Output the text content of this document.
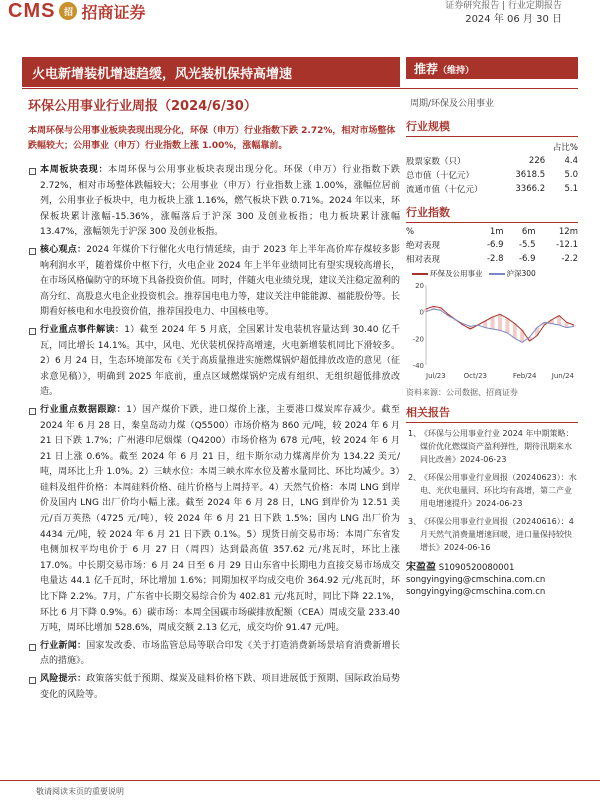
CMS 招 招商证券	证券研究报告 | 行业定期报告
2024 年 06 月 30 日
火电新增装机增速趋缓，风光装机保持高增速	推荐（维持）
环保公用事业行业周报（2024/6/30）	周期/环保及公用事业
本周环保与公用事业板块表现出现分化，环保（申万）行业指数下跌 2.72%，相对市场整体跌幅较大；公用事业（申万）行业指数上涨 1.00%，涨幅靠前。
本周板块表现：本周环保与公用事业板块表现出现分化。环保（申万）行业指数下跌 2.72%，相对市场整体跌幅较大；公用事业（申万）行业指数上涨 1.00%，涨幅位居前列，公用事业子板块中，电力板块上涨 1.16%，燃气板块下跌 0.71%。2024 年以来，环保板块累计涨幅-15.36%，涨幅落后于沪深 300 及创业板指；电力板块累计涨幅 13.47%，涨幅领先于沪深 300 及创业板指。
核心观点：2024 年煤价下行催化火电行情延续，由于 2023 年上半年高价库存煤较多影响利润水平，随着煤价中枢下行，火电企业 2024 年上半年业绩同比有望实现较高增长，在市场风格偏防守的环境下具备投资价值。同时，伴随火电业绩兑现，建议关注稳定盈利的高分红、高股息火电企业投资机会。推荐国电电力等，建议关注申能能源、福能股份等。长期看好核电和水电投资价值，推荐国投电力、中国核电等。
行业重点事件解读：1）截至 2024 年 5 月底，全国累计发电装机容量达到 30.40 亿千瓦，同比增长 14.1%。其中，风电、光伏装机保持高增速，火电新增装机同比下滑较多。2）6 月 24 日，生态环境部发布《关于高质量推进实施燃煤锅炉超低排放改造的意见（征求意见稿）》，明确到 2025 年底前，重点区域燃煤锅炉完成有组织、无组织超低排放改造。
行业重点数据跟踪：1）国产煤价下跌，进口煤价上涨，主要港口煤炭库存减少。截至 2024 年 6 月 28 日，秦皇岛动力煤（Q5500）市场价格为 860 元/吨，较 2024 年 6 月 21 日下跌 1.7%；广州港印尼烟煤（Q4200）市场价格为 678 元/吨，较 2024 年 6 月 21 日上涨 0.6%。截至 2024 年 6 月 21 日，纽卡斯尔动力煤离岸价为 134.22 美元/吨，周环比上升 1.0%。2）三峡水位：本周三峡水库水位及蓄水量同比、环比均减少。3）硅料及组件价格：本周硅料价格、硅片价格与上周持平。4）天然气价格：本周 LNG 到岸价及国内 LNG 出厂价均小幅上涨。截至 2024 年 6 月 28 日，LNG 到岸价为 12.51 美元/百万英热（4725 元/吨），较 2024 年 6 月 21 日下跌 1.5%；国内 LNG 出厂价为 4434 元/吨，较 2024 年 6 月 21 日下跌 0.1%。5）现货日前交易市场：本周广东省发电侧加权平均电价于 6 月 27 日（周四）达到最高值 357.62 元/兆瓦时，环比上涨 17.0%。中长期交易市场：6 月 24 日至 6 月 29 日山东省中长期电力直接交易市场成交电量达 44.1 亿千瓦时，环比增加 1.6%；同期加权平均成交电价 364.92 元/兆瓦时，环比下降 2.2%。7月，广东省中长期交易综合价为 402.81 元/兆瓦时，同比下降 22.1%，环比 6 月下降 0.9%。6）碳市场：本周全国碳市场碳排放配额（CEA）周成交量 233.40 万吨，周环比增加 528.6%，周成交额 2.13 亿元，成交均价 91.47 元/吨。
行业新闻：国家发改委、市场监管总局等联合印发《关于打造消费新场景培育消费新增长点的措施》。
风险提示：政策落实低于预期、煤炭及硅料价格下跌、项目进展低于预期、国际政治局势变化的风险等。
行业规模
		占比%
股票家数（只）	226	4.4
总市值（十亿元）	3618.5	5.0
流通市值（十亿元）	3366.2	5.1
行业指数
%	1m	6m	12m
绝对表现	-6.9	-5.5	-12.1
相对表现	-2.8	-6.9	-2.2
环保及公用事业	沪深300
20
0
-20
-40
Jul/23	Oct/23	Feb/24 Jun/24
资料来源：公司数据、招商证券
相关报告
1、
《环保与公用事业行业 2024 年中期策略：煤价优化燃煤资产盈利弹性，期待汛期来水同比改善》2024-06-23
2、
《环保公用事业行业周报（20240623）：水电、光伏电量同、环比均有高增，第二产业用电增速提升》2024-06-23
3、
《环保公用事业行业周报（20240616）：4 月天然气消费量增速回暖，进口量保持较快增长》2024-06-16
宋盈盈 S1090520080001
songyingying@cmschina.com.cn
songyingying@cmschina.com.cn
敬请阅读末页的重要说明
